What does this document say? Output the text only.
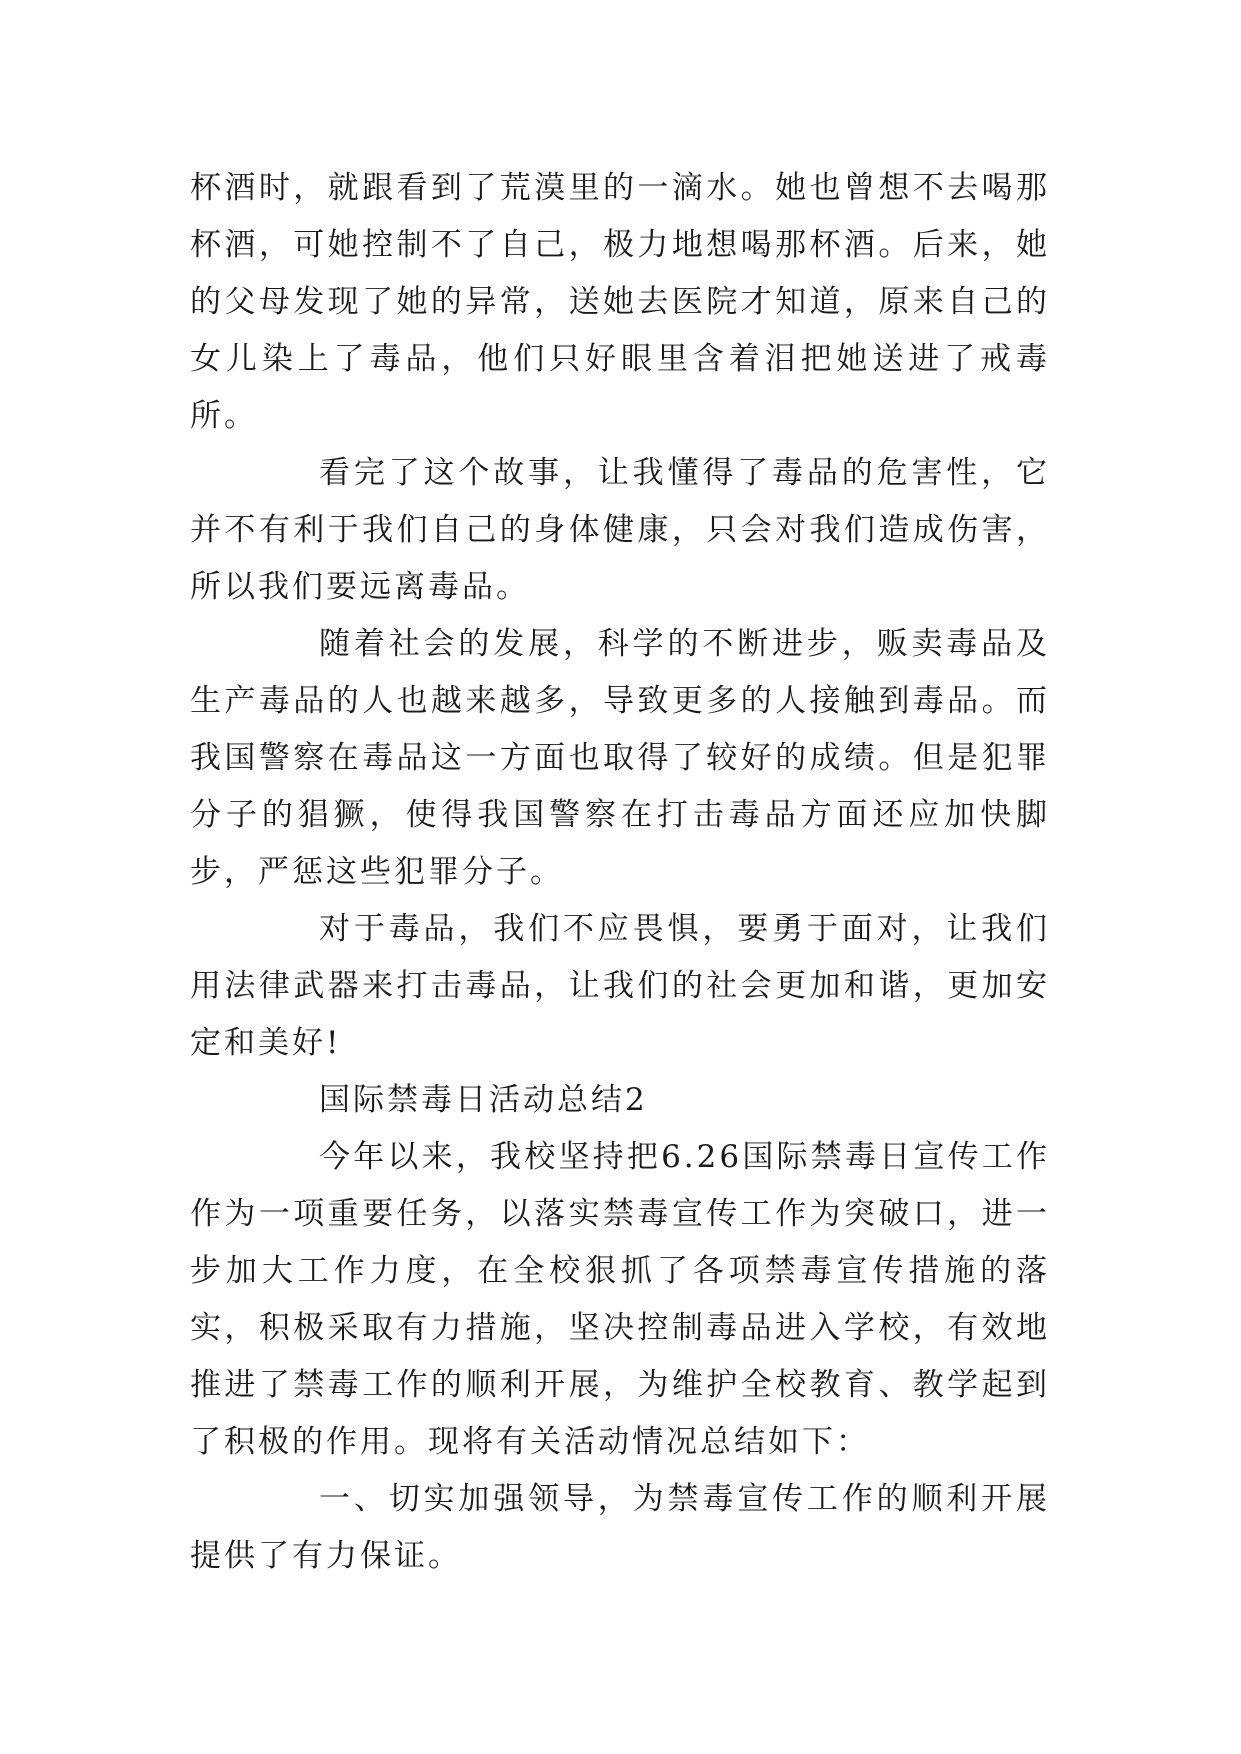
杯酒时，就跟看到了荒漠里的一滴水。她也曾想不去喝那杯酒，可她控制不了自己，极力地想喝那杯酒。后来，她的父母发现了她的异常，送她去医院才知道，原来自己的女儿染上了毒品，他们只好眼里含着泪把她送进了戒毒所。

看完了这个故事，让我懂得了毒品的危害性，它并不有利于我们自己的身体健康，只会对我们造成伤害，所以我们要远离毒品。

随着社会的发展，科学的不断进步，贩卖毒品及生产毒品的人也越来越多，导致更多的人接触到毒品。而我国警察在毒品这一方面也取得了较好的成绩。但是犯罪分子的猖獗，使得我国警察在打击毒品方面还应加快脚步，严惩这些犯罪分子。

对于毒品，我们不应畏惧，要勇于面对，让我们用法律武器来打击毒品，让我们的社会更加和谐，更加安定和美好!

国际禁毒日活动总结2

今年以来，我校坚持把6.26国际禁毒日宣传工作作为一项重要任务，以落实禁毒宣传工作为突破口，进一步加大工作力度，在全校狠抓了各项禁毒宣传措施的落实，积极采取有力措施，坚决控制毒品进入学校，有效地推进了禁毒工作的顺利开展，为维护全校教育、教学起到了积极的作用。现将有关活动情况总结如下：

一、切实加强领导，为禁毒宣传工作的顺利开展提供了有力保证。
